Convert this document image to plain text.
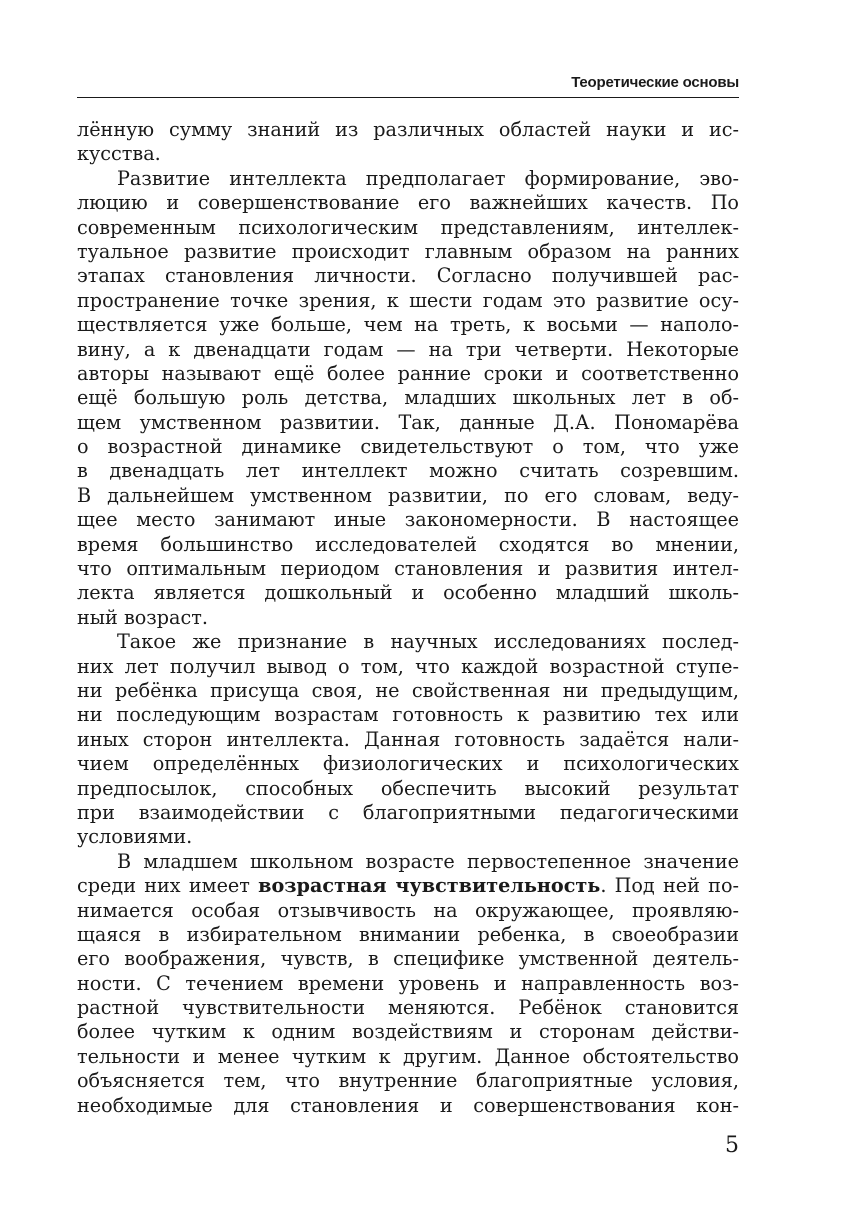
Теоретические основы
лённую сумму знаний из различных областей науки и ис-
кусства.
Развитие интеллекта предполагает формирование, эво-
люцию и совершенствование его важнейших качеств. По
современным психологическим представлениям, интеллек-
туальное развитие происходит главным образом на ранних
этапах становления личности. Согласно получившей рас-
пространение точке зрения, к шести годам это развитие осу-
ществляется уже больше, чем на треть, к восьми — наполо-
вину, а к двенадцати годам — на три четверти. Некоторые
авторы называют ещё более ранние сроки и соответственно
ещё большую роль детства, младших школьных лет в об-
щем умственном развитии. Так, данные Д.А. Пономарёва
о возрастной динамике свидетельствуют о том, что уже
в двенадцать лет интеллект можно считать созревшим.
В дальнейшем умственном развитии, по его словам, веду-
щее место занимают иные закономерности. В настоящее
время большинство исследователей сходятся во мнении,
что оптимальным периодом становления и развития интел-
лекта является дошкольный и особенно младший школь-
ный возраст.
Такое же признание в научных исследованиях послед-
них лет получил вывод о том, что каждой возрастной ступе-
ни ребёнка присуща своя, не свойственная ни предыдущим,
ни последующим возрастам готовность к развитию тех или
иных сторон интеллекта. Данная готовность задаётся нали-
чием определённых физиологических и психологических
предпосылок, способных обеспечить высокий результат
при взаимодействии с благоприятными педагогическими
условиями.
В младшем школьном возрасте первостепенное значение
среди них имеет возрастная чувствительность. Под ней по-
нимается особая отзывчивость на окружающее, проявляю-
щаяся в избирательном внимании ребенка, в своеобразии
его воображения, чувств, в специфике умственной деятель-
ности. С течением времени уровень и направленность воз-
растной чувствительности меняются. Ребёнок становится
более чутким к одним воздействиям и сторонам действи-
тельности и менее чутким к другим. Данное обстоятельство
объясняется тем, что внутренние благоприятные условия,
необходимые для становления и совершенствования кон-
5
